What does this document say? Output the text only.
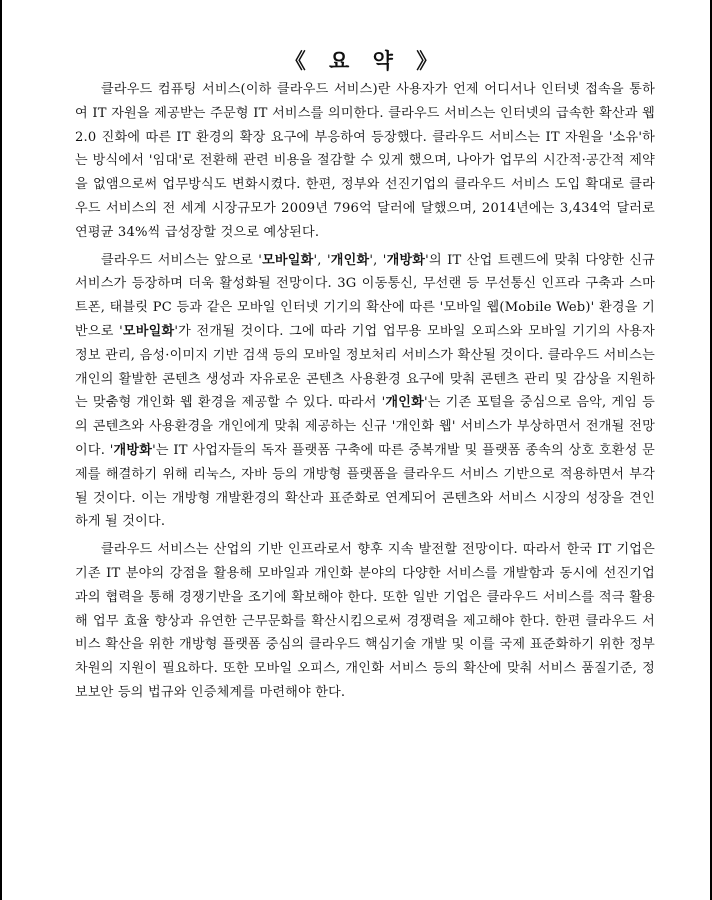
《 요 약 》

클라우드 컴퓨팅 서비스(이하 클라우드 서비스)란 사용자가 언제 어디서나 인터넷 접속을 통하여 IT 자원을 제공받는 주문형 IT 서비스를 의미한다. 클라우드 서비스는 인터넷의 급속한 확산과 웹2.0 진화에 따른 IT 환경의 확장 요구에 부응하여 등장했다. 클라우드 서비스는 IT 자원을 '소유'하는 방식에서 '임대'로 전환해 관련 비용을 절감할 수 있게 했으며, 나아가 업무의 시간적·공간적 제약을 없앰으로써 업무방식도 변화시켰다. 한편, 정부와 선진기업의 클라우드 서비스 도입 확대로 클라우드 서비스의 전 세계 시장규모가 2009년 796억 달러에 달했으며, 2014년에는 3,434억 달러로 연평균 34%씩 급성장할 것으로 예상된다.

클라우드 서비스는 앞으로 '모바일화', '개인화', '개방화'의 IT 산업 트렌드에 맞춰 다양한 신규 서비스가 등장하며 더욱 활성화될 전망이다. 3G 이동통신, 무선랜 등 무선통신 인프라 구축과 스마트폰, 태블릿 PC 등과 같은 모바일 인터넷 기기의 확산에 따른 '모바일 웹(Mobile Web)' 환경을 기반으로 '모바일화'가 전개될 것이다. 그에 따라 기업 업무용 모바일 오피스와 모바일 기기의 사용자 정보 관리, 음성·이미지 기반 검색 등의 모바일 정보처리 서비스가 확산될 것이다. 클라우드 서비스는 개인의 활발한 콘텐츠 생성과 자유로운 콘텐츠 사용환경 요구에 맞춰 콘텐츠 관리 및 감상을 지원하는 맞춤형 개인화 웹 환경을 제공할 수 있다. 따라서 '개인화'는 기존 포털을 중심으로 음악, 게임 등의 콘텐츠와 사용환경을 개인에게 맞춰 제공하는 신규 '개인화 웹' 서비스가 부상하면서 전개될 전망이다. '개방화'는 IT 사업자들의 독자 플랫폼 구축에 따른 중복개발 및 플랫폼 종속의 상호 호환성 문제를 해결하기 위해 리눅스, 자바 등의 개방형 플랫폼을 클라우드 서비스 기반으로 적용하면서 부각될 것이다. 이는 개방형 개발환경의 확산과 표준화로 연계되어 콘텐츠와 서비스 시장의 성장을 견인하게 될 것이다.

클라우드 서비스는 산업의 기반 인프라로서 향후 지속 발전할 전망이다. 따라서 한국 IT 기업은 기존 IT 분야의 강점을 활용해 모바일과 개인화 분야의 다양한 서비스를 개발함과 동시에 선진기업과의 협력을 통해 경쟁기반을 조기에 확보해야 한다. 또한 일반 기업은 클라우드 서비스를 적극 활용해 업무 효율 향상과 유연한 근무문화를 확산시킴으로써 경쟁력을 제고해야 한다. 한편 클라우드 서비스 확산을 위한 개방형 플랫폼 중심의 클라우드 핵심기술 개발 및 이를 국제 표준화하기 위한 정부 차원의 지원이 필요하다. 또한 모바일 오피스, 개인화 서비스 등의 확산에 맞춰 서비스 품질기준, 정보보안 등의 법규와 인증체계를 마련해야 한다.
